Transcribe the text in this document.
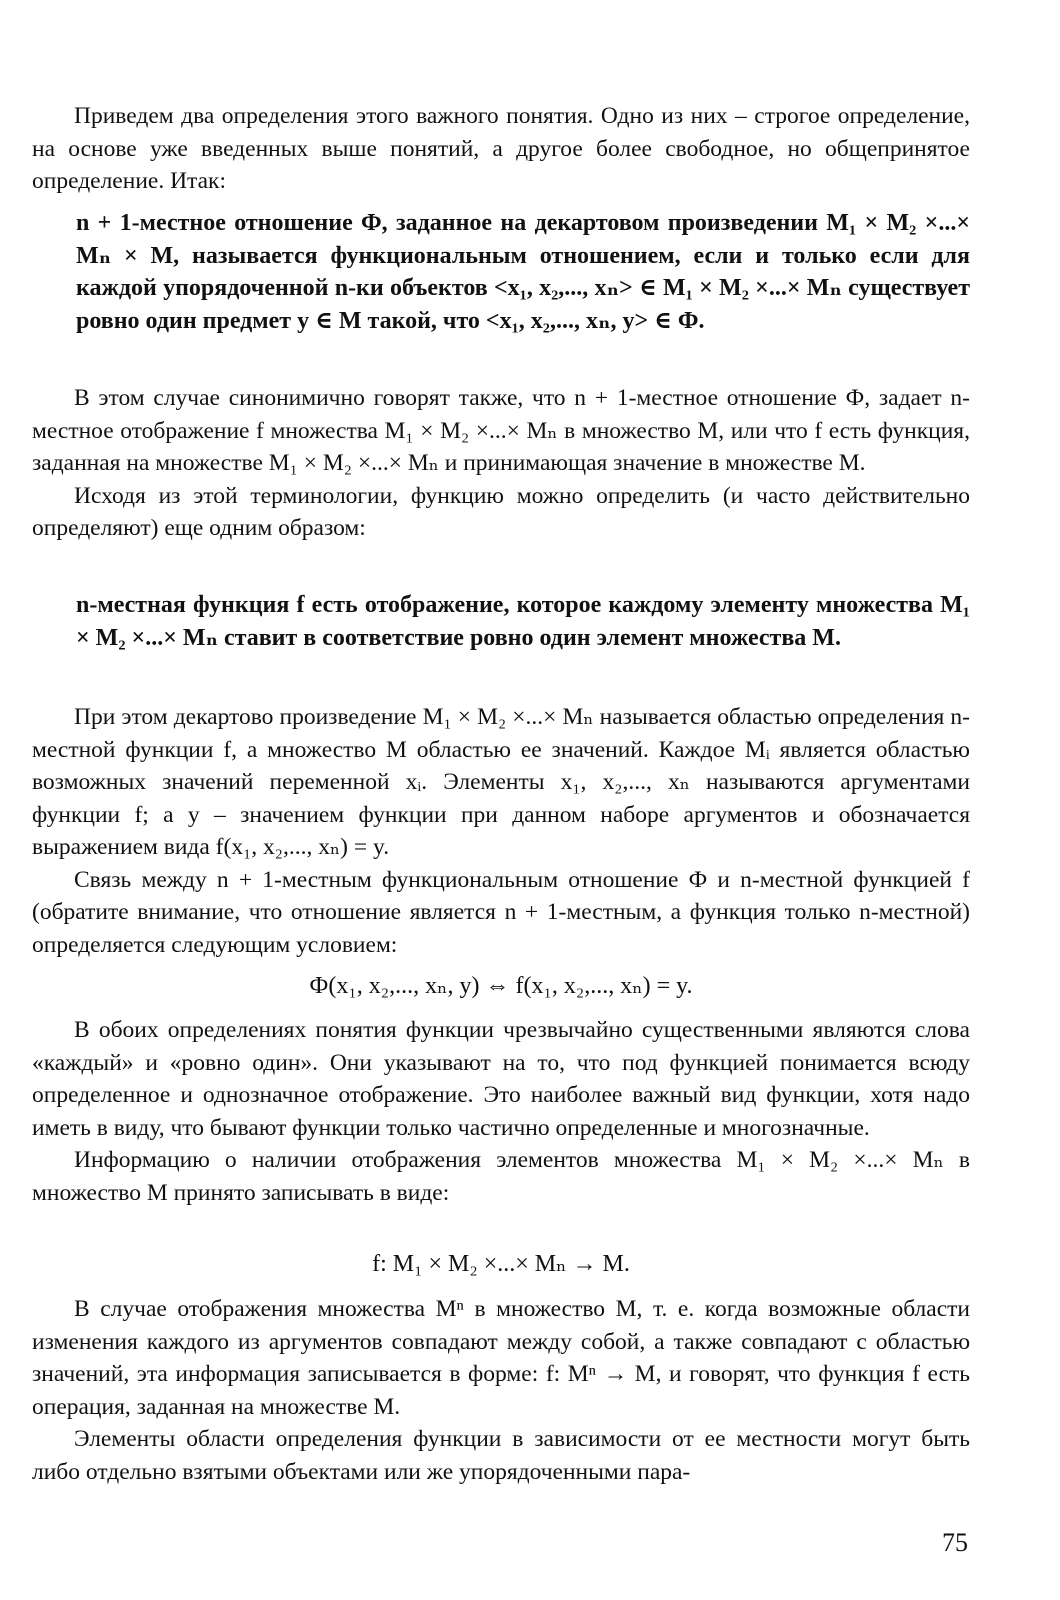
Приведем два определения этого важного понятия. Одно из них – строгое определение, на основе уже введенных выше понятий, а другое более свободное, но общепринятое определение. Итак:

n + 1-местное отношение Ф, заданное на декартовом произведении M₁ × M₂ ×...× Mₙ × M, называется функциональным отношением, если и только если для каждой упорядоченной n-ки объектов <x₁, x₂,..., xₙ> ∈ M₁ × M₂ ×...× Mₙ существует ровно один предмет y ∈ M такой, что <x₁, x₂,..., xₙ, y> ∈ Ф.

В этом случае синонимично говорят также, что n + 1-местное отношение Ф, задает n-местное отображение f множества M₁ × M₂ ×...× Mₙ в множество M, или что f есть функция, заданная на множестве M₁ × M₂ ×...× Mₙ и принимающая значение в множестве M.

Исходя из этой терминологии, функцию можно определить (и часто действительно определяют) еще одним образом:

n-местная функция f есть отображение, которое каждому элементу множества M₁ × M₂ ×...× Mₙ ставит в соответствие ровно один элемент множества M.

При этом декартово произведение M₁ × M₂ ×...× Mₙ называется областью определения n-местной функции f, а множество M областью ее значений. Каждое Mᵢ является областью возможных значений переменной xᵢ. Элементы x₁, x₂,..., xₙ называются аргументами функции f; а y – значением функции при данном наборе аргументов и обозначается выражением вида f(x₁, x₂,..., xₙ) = y.

Связь между n + 1-местным функциональным отношение Ф и n-местной функцией f (обратите внимание, что отношение является n + 1-местным, а функция только n-местной) определяется следующим условием:

Ф(x₁, x₂,..., xₙ, y) ⇔ f(x₁, x₂,..., xₙ) = y.

В обоих определениях понятия функции чрезвычайно существенными являются слова «каждый» и «ровно один». Они указывают на то, что под функцией понимается всюду определенное и однозначное отображение. Это наиболее важный вид функции, хотя надо иметь в виду, что бывают функции только частично определенные и многозначные.

Информацию о наличии отображения элементов множества M₁ × M₂ ×...× Mₙ в множество M принято записывать в виде:

f: M₁ × M₂ ×...× Mₙ → M.

В случае отображения множества Mⁿ в множество M, т. е. когда возможные области изменения каждого из аргументов совпадают между собой, а также совпадают с областью значений, эта информация записывается в форме: f: Mⁿ → M, и говорят, что функция f есть операция, заданная на множестве M.

Элементы области определения функции в зависимости от ее местности могут быть либо отдельно взятыми объектами или же упорядоченными пара-

75
